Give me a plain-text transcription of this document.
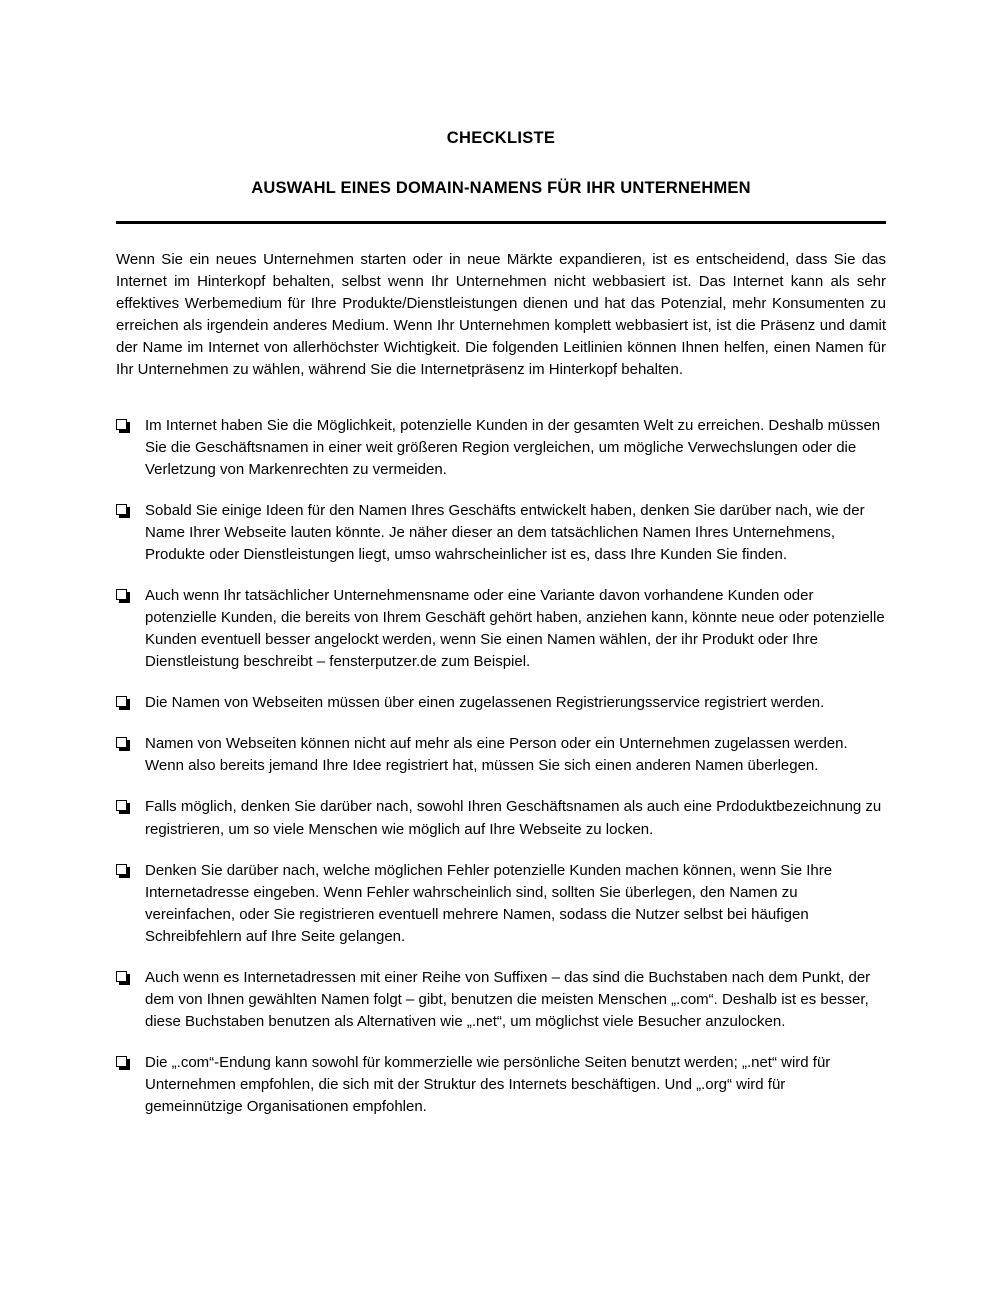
CHECKLISTE
AUSWAHL EINES DOMAIN-NAMENS FÜR IHR UNTERNEHMEN

Wenn Sie ein neues Unternehmen starten oder in neue Märkte expandieren, ist es entscheidend, dass Sie das Internet im Hinterkopf behalten, selbst wenn Ihr Unternehmen nicht webbasiert ist. Das Internet kann als sehr effektives Werbemedium für Ihre Produkte/Dienstleistungen dienen und hat das Potenzial, mehr Konsumenten zu erreichen als irgendein anderes Medium. Wenn Ihr Unternehmen komplett webbasiert ist, ist die Präsenz und damit der Name im Internet von allerhöchster Wichtigkeit. Die folgenden Leitlinien können Ihnen helfen, einen Namen für Ihr Unternehmen zu wählen, während Sie die Internetpräsenz im Hinterkopf behalten.

Im Internet haben Sie die Möglichkeit, potenzielle Kunden in der gesamten Welt zu erreichen. Deshalb müssen Sie die Geschäftsnamen in einer weit größeren Region vergleichen, um mögliche Verwechslungen oder die Verletzung von Markenrechten zu vermeiden.
Sobald Sie einige Ideen für den Namen Ihres Geschäfts entwickelt haben, denken Sie darüber nach, wie der Name Ihrer Webseite lauten könnte. Je näher dieser an dem tatsächlichen Namen Ihres Unternehmens, Produkte oder Dienstleistungen liegt, umso wahrscheinlicher ist es, dass Ihre Kunden Sie finden.
Auch wenn Ihr tatsächlicher Unternehmensname oder eine Variante davon vorhandene Kunden oder potenzielle Kunden, die bereits von Ihrem Geschäft gehört haben, anziehen kann, könnte neue oder potenzielle Kunden eventuell besser angelockt werden, wenn Sie einen Namen wählen, der ihr Produkt oder Ihre Dienstleistung beschreibt – fensterputzer.de zum Beispiel.
Die Namen von Webseiten müssen über einen zugelassenen Registrierungsservice registriert werden.
Namen von Webseiten können nicht auf mehr als eine Person oder ein Unternehmen zugelassen werden. Wenn also bereits jemand Ihre Idee registriert hat, müssen Sie sich einen anderen Namen überlegen.
Falls möglich, denken Sie darüber nach, sowohl Ihren Geschäftsnamen als auch eine Prdoduktbezeichnung zu registrieren, um so viele Menschen wie möglich auf Ihre Webseite zu locken.
Denken Sie darüber nach, welche möglichen Fehler potenzielle Kunden machen können, wenn Sie Ihre Internetadresse eingeben. Wenn Fehler wahrscheinlich sind, sollten Sie überlegen, den Namen zu vereinfachen, oder Sie registrieren eventuell mehrere Namen, sodass die Nutzer selbst bei häufigen Schreibfehlern auf Ihre Seite gelangen.
Auch wenn es Internetadressen mit einer Reihe von Suffixen – das sind die Buchstaben nach dem Punkt, der dem von Ihnen gewählten Namen folgt – gibt, benutzen die meisten Menschen „.com“. Deshalb ist es besser, diese Buchstaben benutzen als Alternativen wie „.net“, um möglichst viele Besucher anzulocken.
Die „.com“-Endung kann sowohl für kommerzielle wie persönliche Seiten benutzt werden; „.net“ wird für Unternehmen empfohlen, die sich mit der Struktur des Internets beschäftigen. Und „.org“ wird für gemeinnützige Organisationen empfohlen.
